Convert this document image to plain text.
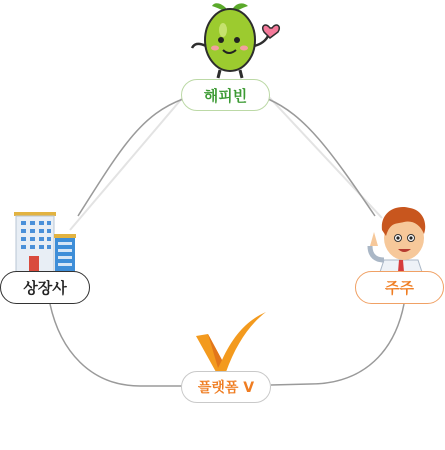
해피빈
상장사	주주
플랫폼 V
